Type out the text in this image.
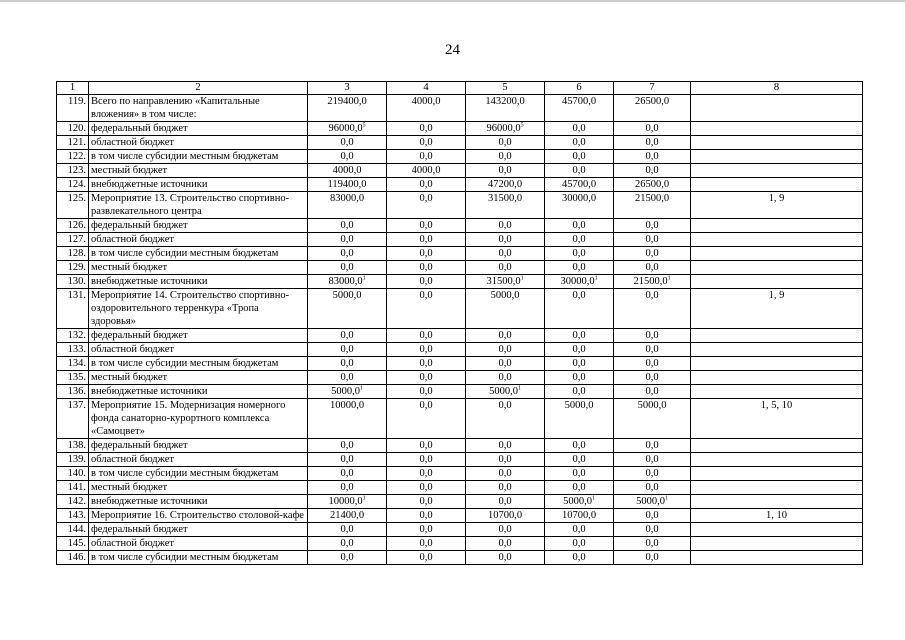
24
1	2	3	4	5	6	7	8
119.	Всего по направлению «Капитальные вложения» в том числе:	219400,0	4000,0	143200,0	45700,0	26500,0	
120.	федеральный бюджет	96000,0$^5$	0,0	96000,0$^5$	0,0	0,0	
121.	областной бюджет	0,0	0,0	0,0	0,0	0,0	
122.	в том числе субсидии местным бюджетам	0,0	0,0	0,0	0,0	0,0	
123.	местный бюджет	4000,0	4000,0	0,0	0,0	0,0	
124.	внебюджетные источники	119400,0	0,0	47200,0	45700,0	26500,0	
125.	Мероприятие 13. Строительство спортивно-развлекательного центра	83000,0	0,0	31500,0	30000,0	21500,0	1, 9
126.	федеральный бюджет	0,0	0,0	0,0	0,0	0,0	
127.	областной бюджет	0,0	0,0	0,0	0,0	0,0	
128.	в том числе субсидии местным бюджетам	0,0	0,0	0,0	0,0	0,0	
129.	местный бюджет	0,0	0,0	0,0	0,0	0,0	
130.	внебюджетные источники	83000,0$^1$	0,0	31500,0$^1$	30000,0$^1$	21500,0$^1$	
131.	Мероприятие 14. Строительство спортивно-оздоровительного терренкура «Тропа здоровья»	5000,0	0,0	5000,0	0,0	0,0	1, 9
132.	федеральный бюджет	0,0	0,0	0,0	0,0	0,0	
133.	областной бюджет	0,0	0,0	0,0	0,0	0,0	
134.	в том числе субсидии местным бюджетам	0,0	0,0	0,0	0,0	0,0	
135.	местный бюджет	0,0	0,0	0,0	0,0	0,0	
136.	внебюджетные источники	5000,0$^1$	0,0	5000,0$^1$	0,0	0,0	
137.	Мероприятие 15. Модернизация номерного фонда санаторно-курортного комплекса «Самоцвет»	10000,0	0,0	0,0	5000,0	5000,0	1, 5, 10
138.	федеральный бюджет	0,0	0,0	0,0	0,0	0,0	
139.	областной бюджет	0,0	0,0	0,0	0,0	0,0	
140.	в том числе субсидии местным бюджетам	0,0	0,0	0,0	0,0	0,0	
141.	местный бюджет	0,0	0,0	0,0	0,0	0,0	
142.	внебюджетные источники	10000,0$^1$	0,0	0,0	5000,0$^1$	5000,0$^1$	
143.	Мероприятие 16. Строительство столовой-кафе	21400,0	0,0	10700,0	10700,0	0,0	1, 10
144.	федеральный бюджет	0,0	0,0	0,0	0,0	0,0	
145.	областной бюджет	0,0	0,0	0,0	0,0	0,0	
146.	в том числе субсидии местным бюджетам	0,0	0,0	0,0	0,0	0,0	
